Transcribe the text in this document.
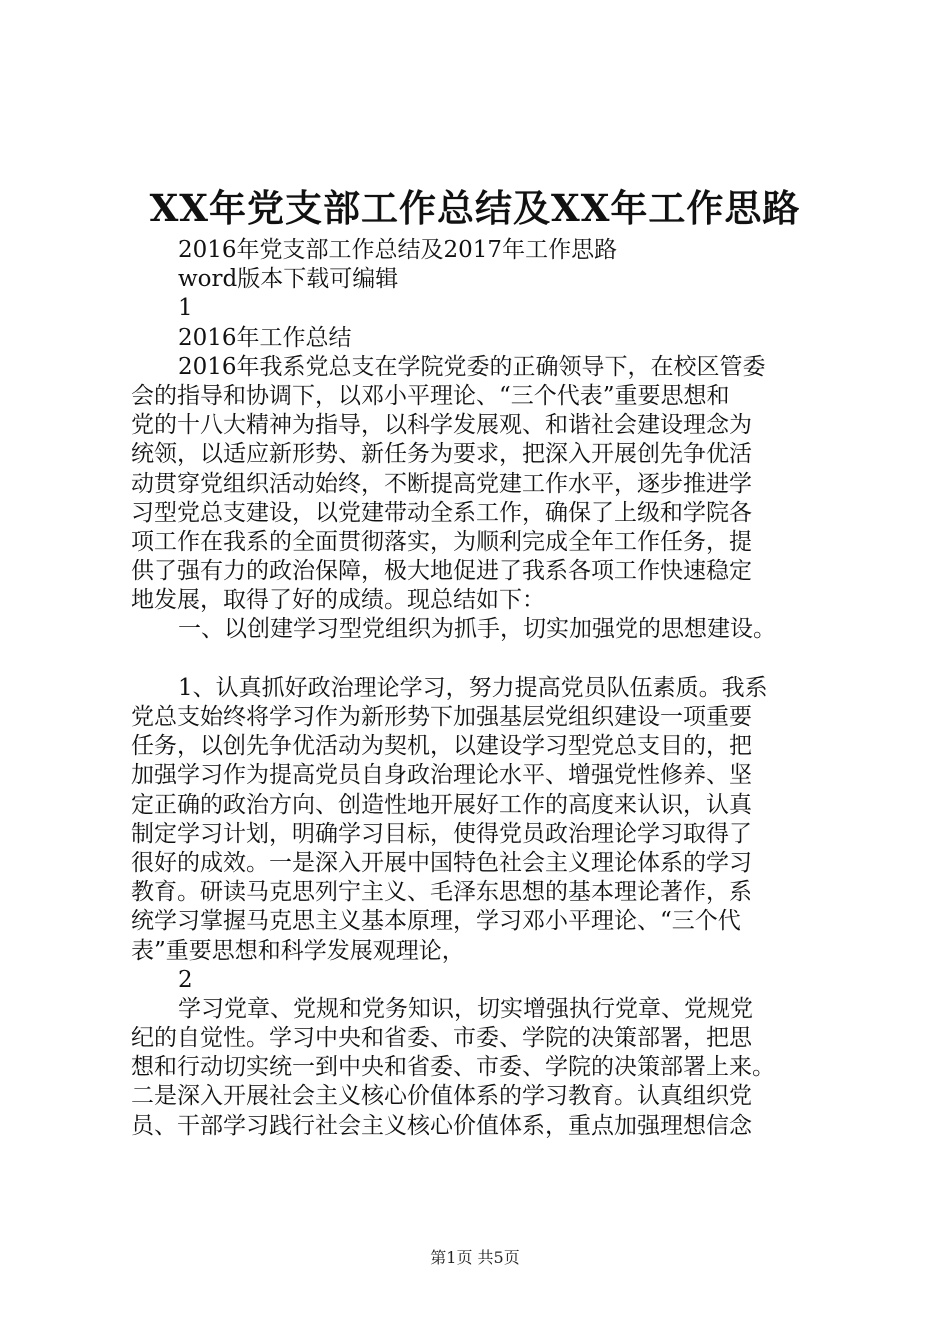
XX年党支部工作总结及XX年工作思路
2016年党支部工作总结及2017年工作思路
word版本下载可编辑
1
2016年工作总结
2016年我系党总支在学院党委的正确领导下，在校区管委
会的指导和协调下，以邓小平理论、“三个代表”重要思想和
党的十八大精神为指导，以科学发展观、和谐社会建设理念为
统领，以适应新形势、新任务为要求，把深入开展创先争优活
动贯穿党组织活动始终，不断提高党建工作水平，逐步推进学
习型党总支建设，以党建带动全系工作，确保了上级和学院各
项工作在我系的全面贯彻落实，为顺利完成全年工作任务，提
供了强有力的政治保障，极大地促进了我系各项工作快速稳定
地发展，取得了好的成绩。现总结如下：
一、以创建学习型党组织为抓手，切实加强党的思想建设。
1、认真抓好政治理论学习，努力提高党员队伍素质。我系
党总支始终将学习作为新形势下加强基层党组织建设一项重要
任务，以创先争优活动为契机，以建设学习型党总支目的，把
加强学习作为提高党员自身政治理论水平、增强党性修养、坚
定正确的政治方向、创造性地开展好工作的高度来认识，认真
制定学习计划，明确学习目标，使得党员政治理论学习取得了
很好的成效。一是深入开展中国特色社会主义理论体系的学习
教育。研读马克思列宁主义、毛泽东思想的基本理论著作，系
统学习掌握马克思主义基本原理，学习邓小平理论、“三个代
表”重要思想和科学发展观理论，
2
学习党章、党规和党务知识，切实增强执行党章、党规党
纪的自觉性。学习中央和省委、市委、学院的决策部署，把思
想和行动切实统一到中央和省委、市委、学院的决策部署上来。
二是深入开展社会主义核心价值体系的学习教育。认真组织党
员、干部学习践行社会主义核心价值体系，重点加强理想信念
第1页 共5页
